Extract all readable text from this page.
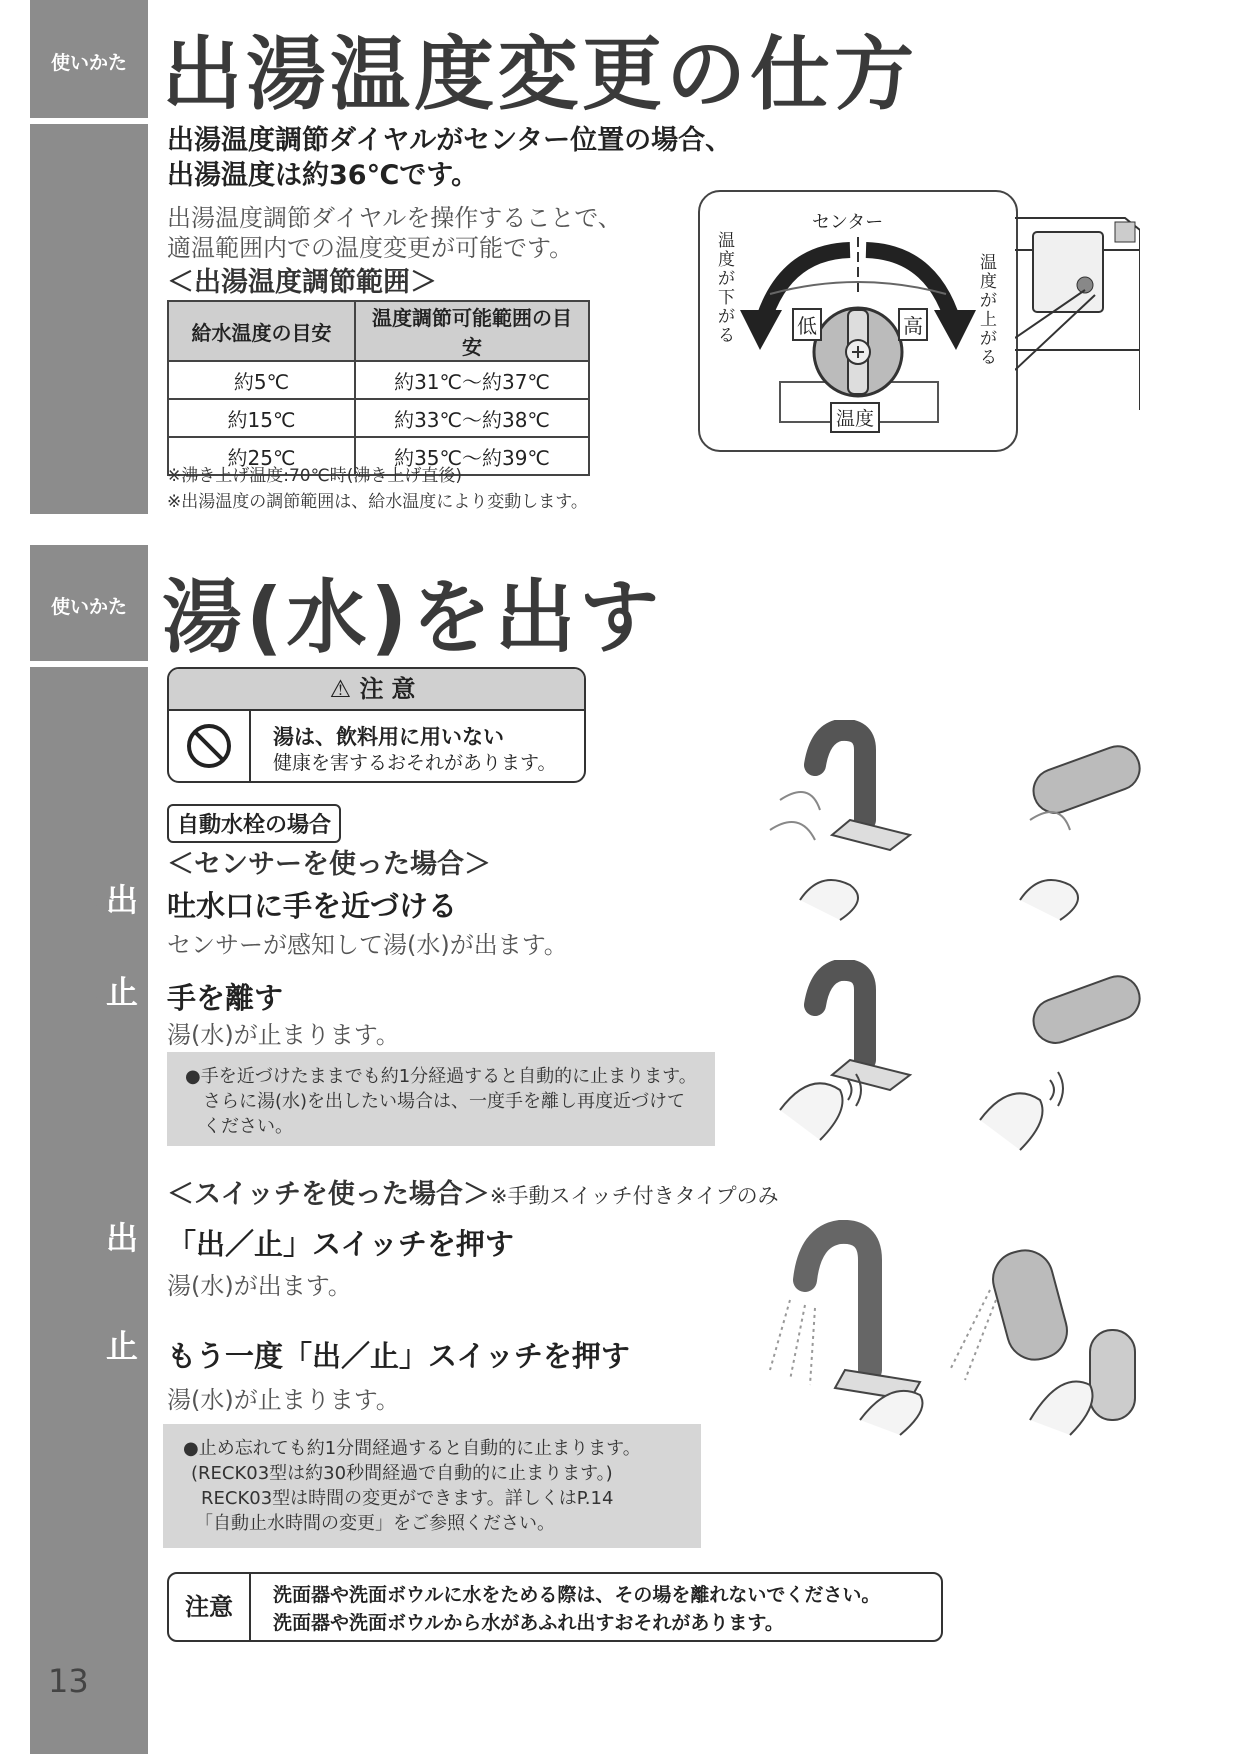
使いかた
使いかた
13
出湯温度変更の仕方
出湯温度調節ダイヤルがセンター位置の場合、
出湯温度は約36℃です。
出湯温度調節ダイヤルを操作することで、
適温範囲内での温度変更が可能です。
＜出湯温度調節範囲＞
給水温度の目安	温度調節可能範囲の目安
約5℃	約31℃～約37℃
約15℃	約33℃～約38℃
約25℃	約35℃～約39℃
※沸き上げ温度:70℃時(沸き上げ直後)
※出湯温度の調節範囲は、給水温度により変動します。
センター
温度が下がる
温度が上がる
低	高
温度
湯(水)を出す
⚠ 注意
湯は、飲料用に用いない
健康を害するおそれがあります。
自動水栓の場合
＜センサーを使った場合＞
出	吐水口に手を近づける
センサーが感知して湯(水)が出ます。
止	手を離す
湯(水)が止まります。
●手を近づけたままでも約1分経過すると自動的に止まります。
さらに湯(水)を出したい場合は、一度手を離し再度近づけて
ください。
＜スイッチを使った場合＞※手動スイッチ付きタイプのみ
出	「出／止」スイッチを押す
湯(水)が出ます。
止	もう一度「出／止」スイッチを押す
湯(水)が止まります。
●止め忘れても約1分間経過すると自動的に止まります。
(RECK03型は約30秒間経過で自動的に止まります。)
RECK03型は時間の変更ができます。詳しくはP.14
「自動止水時間の変更」をご参照ください。
注意	洗面器や洗面ボウルに水をためる際は、その場を離れないでください。
洗面器や洗面ボウルから水があふれ出すおそれがあります。
